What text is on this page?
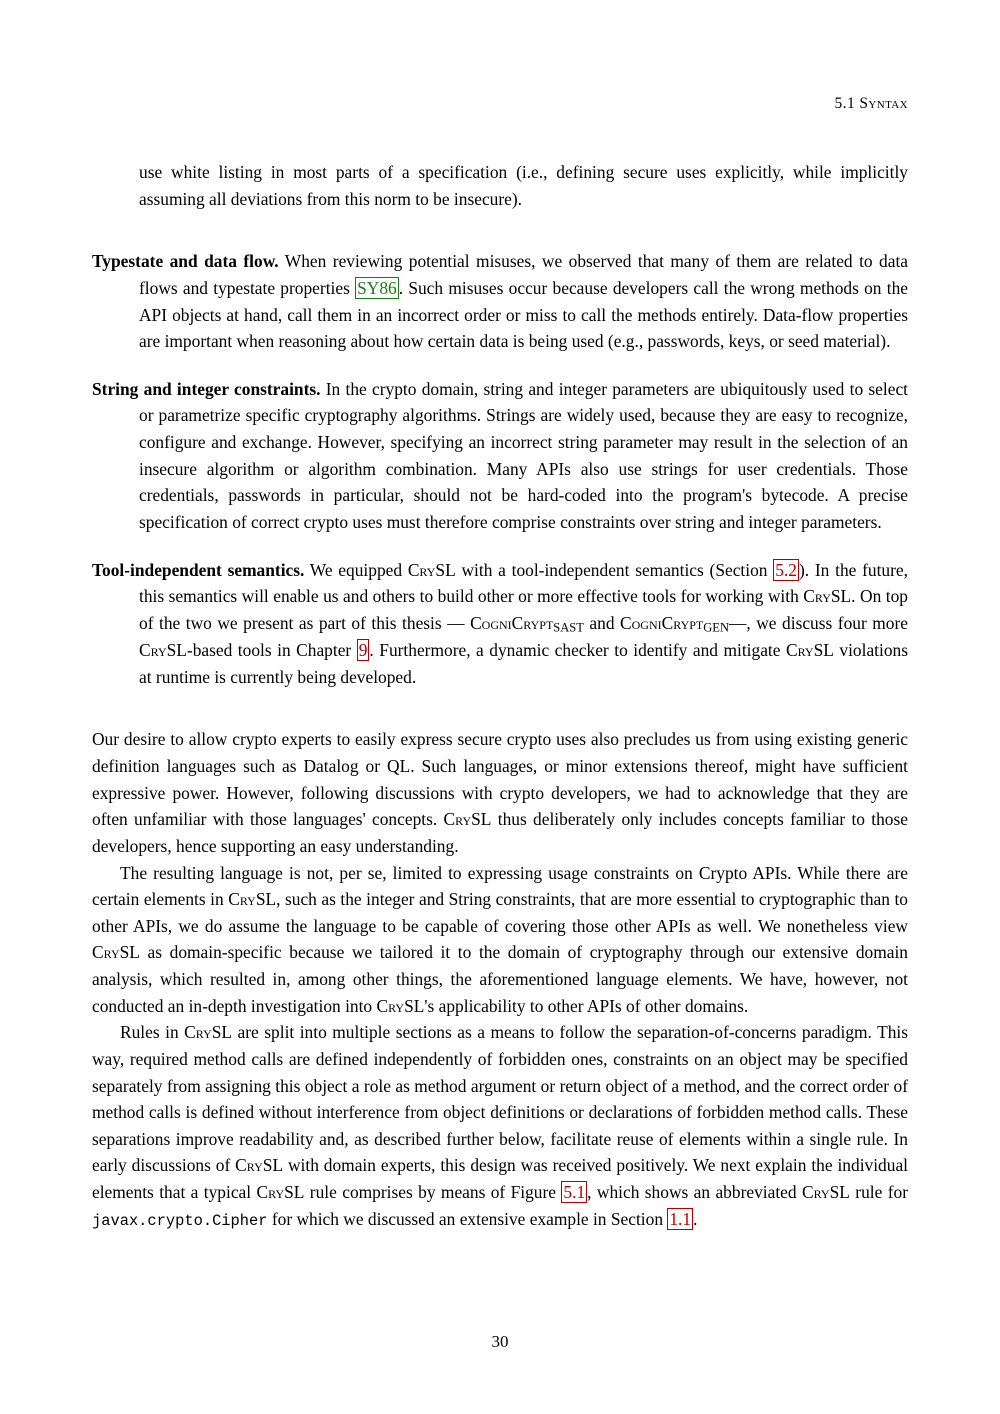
5.1 Syntax

use white listing in most parts of a specification (i.e., defining secure uses explicitly, while implicitly assuming all deviations from this norm to be insecure).

Typestate and data flow. When reviewing potential misuses, we observed that many of them are related to data flows and typestate properties SY86 . Such misuses occur because developers call the wrong methods on the API objects at hand, call them in an incorrect order or miss to call the methods entirely. Data-flow properties are important when reasoning about how certain data is being used (e.g., passwords, keys, or seed material).

String and integer constraints. In the crypto domain, string and integer parameters are ubiquitously used to select or parametrize specific cryptography algorithms. Strings are widely used, because they are easy to recognize, configure and exchange. However, specifying an incorrect string parameter may result in the selection of an insecure algorithm or algorithm combination. Many APIs also use strings for user credentials. Those credentials, passwords in particular, should not be hard-coded into the program's bytecode. A precise specification of correct crypto uses must therefore comprise constraints over string and integer parameters.

Tool-independent semantics. We equipped CrySL with a tool-independent semantics (Section 5.2 ). In the future, this semantics will enable us and others to build other or more effective tools for working with CrySL. On top of the two we present as part of this thesis — CogniCryptSAST and CogniCryptGEN—, we discuss four more CrySL-based tools in Chapter 9 . Furthermore, a dynamic checker to identify and mitigate CrySL violations at runtime is currently being developed.

Our desire to allow crypto experts to easily express secure crypto uses also precludes us from using existing generic definition languages such as Datalog or QL. Such languages, or minor extensions thereof, might have sufficient expressive power. However, following discussions with crypto developers, we had to acknowledge that they are often unfamiliar with those languages' concepts. CrySL thus deliberately only includes concepts familiar to those developers, hence supporting an easy understanding.

The resulting language is not, per se, limited to expressing usage constraints on Crypto APIs. While there are certain elements in CrySL, such as the integer and String constraints, that are more essential to cryptographic than to other APIs, we do assume the language to be capable of covering those other APIs as well. We nonetheless view CrySL as domain-specific because we tailored it to the domain of cryptography through our extensive domain analysis, which resulted in, among other things, the aforementioned language elements. We have, however, not conducted an in-depth investigation into CrySL's applicability to other APIs of other domains.

Rules in CrySL are split into multiple sections as a means to follow the separation-of-concerns paradigm. This way, required method calls are defined independently of forbidden ones, constraints on an object may be specified separately from assigning this object a role as method argument or return object of a method, and the correct order of method calls is defined without interference from object definitions or declarations of forbidden method calls. These separations improve readability and, as described further below, facilitate reuse of elements within a single rule. In early discussions of CrySL with domain experts, this design was received positively. We next explain the individual elements that a typical CrySL rule comprises by means of Figure 5.1 , which shows an abbreviated CrySL rule for javax.crypto.Cipher for which we discussed an extensive example in Section 1.1 .

30
